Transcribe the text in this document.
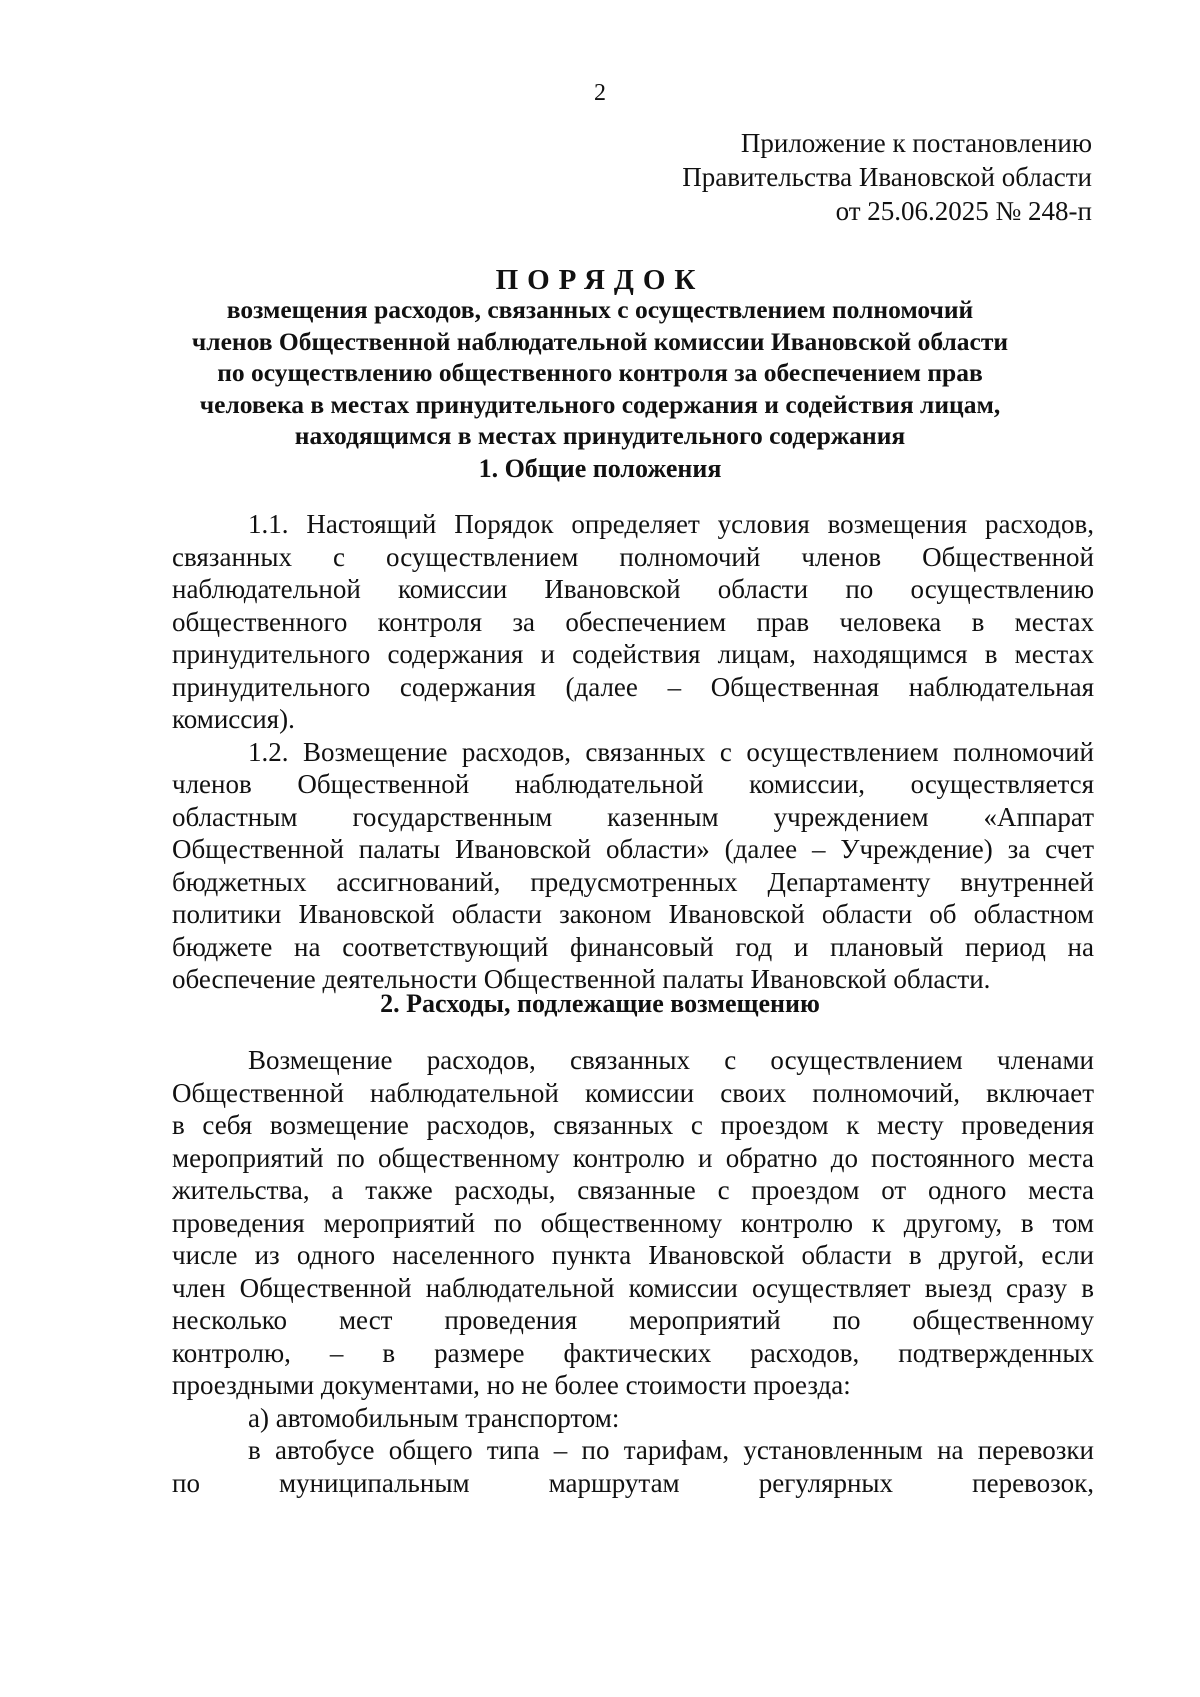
2
Приложение к постановлению
Правительства Ивановской области
от 25.06.2025 № 248-п
ПОРЯДОК
возмещения расходов, связанных с осуществлением полномочий
членов Общественной наблюдательной комиссии Ивановской области
по осуществлению общественного контроля за обеспечением прав
человека в местах принудительного содержания и содействия лицам,
находящимся в местах принудительного содержания
1. Общие положения
1.1. Настоящий Порядок определяет условия возмещения расходов,
связанных с осуществлением полномочий членов Общественной
наблюдательной комиссии Ивановской области по осуществлению
общественного контроля за обеспечением прав человека в местах
принудительного содержания и содействия лицам, находящимся в местах
принудительного содержания (далее – Общественная наблюдательная
комиссия).
1.2. Возмещение расходов, связанных с осуществлением полномочий
членов Общественной наблюдательной комиссии, осуществляется
областным государственным казенным учреждением «Аппарат
Общественной палаты Ивановской области» (далее – Учреждение) за счет
бюджетных ассигнований, предусмотренных Департаменту внутренней
политики Ивановской области законом Ивановской области об областном
бюджете на соответствующий финансовый год и плановый период на
обеспечение деятельности Общественной палаты Ивановской области.
2. Расходы, подлежащие возмещению
Возмещение расходов, связанных с осуществлением членами
Общественной наблюдательной комиссии своих полномочий, включает
в себя возмещение расходов, связанных с проездом к месту проведения
мероприятий по общественному контролю и обратно до постоянного места
жительства, а также расходы, связанные с проездом от одного места
проведения мероприятий по общественному контролю к другому, в том
числе из одного населенного пункта Ивановской области в другой, если
член Общественной наблюдательной комиссии осуществляет выезд сразу в
несколько мест проведения мероприятий по общественному
контролю, – в размере фактических расходов, подтвержденных
проездными документами, но не более стоимости проезда:
а) автомобильным транспортом:
в автобусе общего типа – по тарифам, установленным на перевозки
по муниципальным маршрутам регулярных перевозок,
